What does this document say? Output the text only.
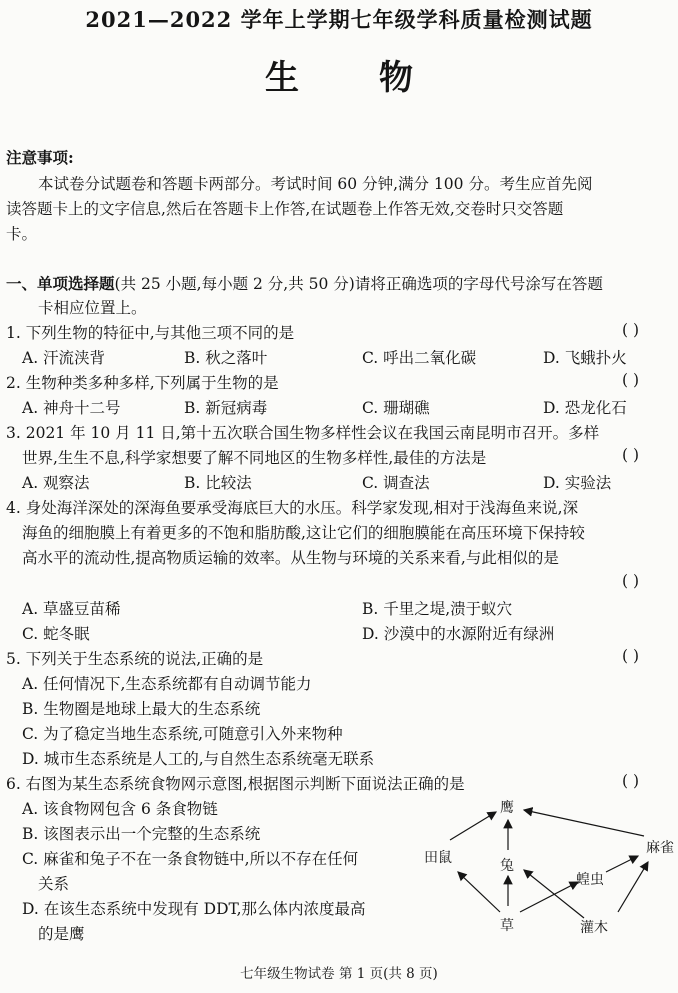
2021—2022 学年上学期七年级学科质量检测试题
生物
注意事项:
本试卷分试题卷和答题卡两部分。考试时间 60 分钟,满分 100 分。考生应首先阅
读答题卡上的文字信息,然后在答题卡上作答,在试题卷上作答无效,交卷时只交答题
卡。
一、单项选择题(共 25 小题,每小题 2 分,共 50 分)请将正确选项的字母代号涂写在答题
卡相应位置上。
1. 下列生物的特征中,与其他三项不同的是	( )
A. 汗流浃背	B. 秋之落叶	C. 呼出二氧化碳	D. 飞蛾扑火
2. 生物种类多种多样,下列属于生物的是	( )
A. 神舟十二号	B. 新冠病毒	C. 珊瑚礁	D. 恐龙化石
3. 2021 年 10 月 11 日,第十五次联合国生物多样性会议在我国云南昆明市召开。多样
世界,生生不息,科学家想要了解不同地区的生物多样性,最佳的方法是	( )
A. 观察法	B. 比较法	C. 调查法	D. 实验法
4. 身处海洋深处的深海鱼要承受海底巨大的水压。科学家发现,相对于浅海鱼来说,深
海鱼的细胞膜上有着更多的不饱和脂肪酸,这让它们的细胞膜能在高压环境下保持较
高水平的流动性,提高物质运输的效率。从生物与环境的关系来看,与此相似的是
( )
A. 草盛豆苗稀	B. 千里之堤,溃于蚁穴
C. 蛇冬眠	D. 沙漠中的水源附近有绿洲
5. 下列关于生态系统的说法,正确的是	( )
A. 任何情况下,生态系统都有自动调节能力
B. 生物圈是地球上最大的生态系统
C. 为了稳定当地生态系统,可随意引入外来物种
D. 城市生态系统是人工的,与自然生态系统毫无联系
6. 右图为某生态系统食物网示意图,根据图示判断下面说法正确的是	( )
A. 该食物网包含 6 条食物链
B. 该图表示出一个完整的生态系统
C. 麻雀和兔子不在一条食物链中,所以不存在任何
关系
D. 在该生态系统中发现有 DDT,那么体内浓度最高
的是鹰
鹰
田鼠	兔
草
麻雀
蝗虫
灌木
七年级生物试卷 第 1 页(共 8 页)
